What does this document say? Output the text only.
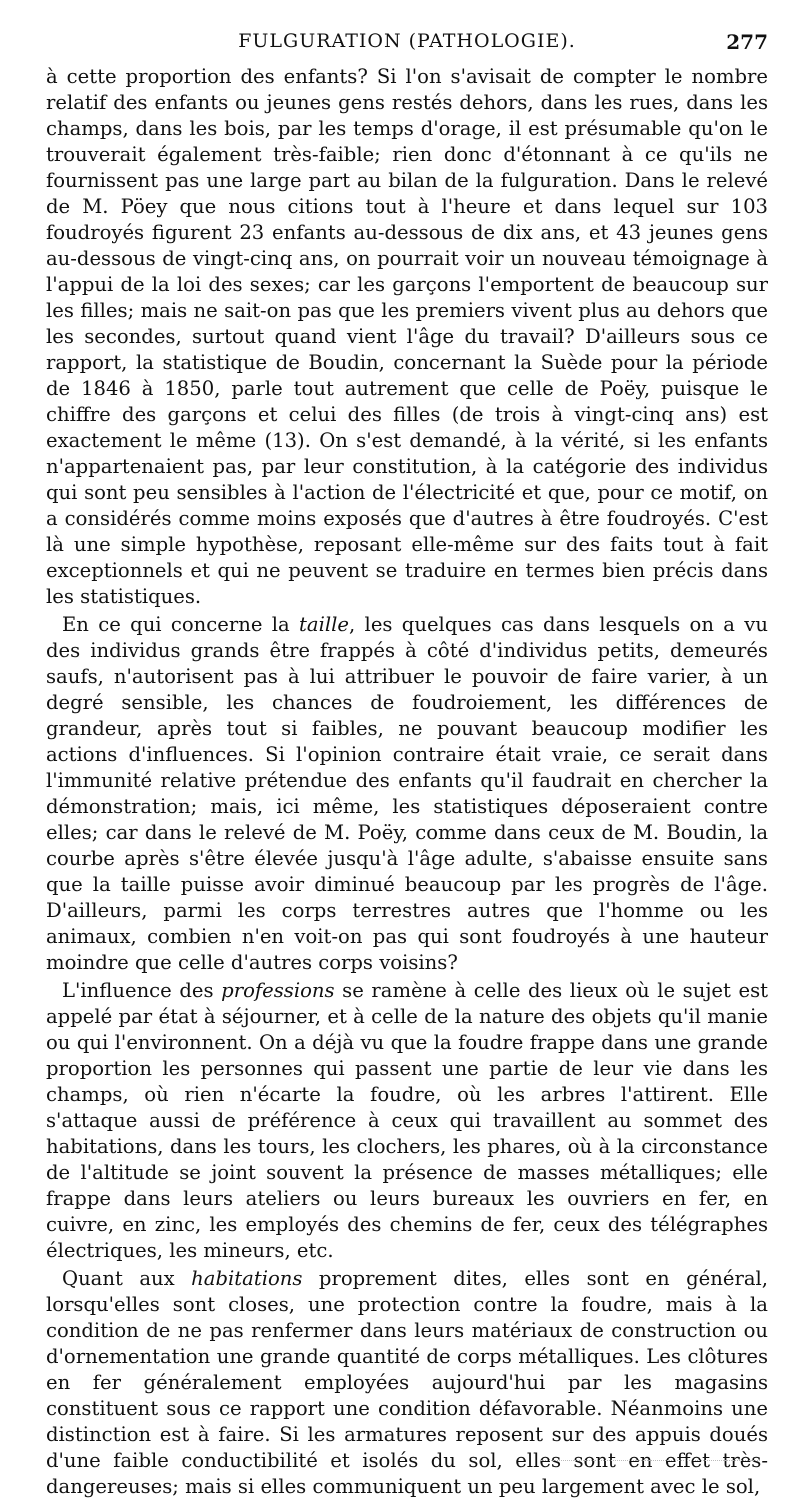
FULGURATION (PATHOLOGIE).	277

à cette proportion des enfants? Si l'on s'avisait de compter le nombre relatif des enfants ou jeunes gens restés dehors, dans les rues, dans les champs, dans les bois, par les temps d'orage, il est présumable qu'on le trouverait également très-faible; rien donc d'étonnant à ce qu'ils ne fournissent pas une large part au bilan de la fulguration. Dans le relevé de M. Pöey que nous citions tout à l'heure et dans lequel sur 103 foudroyés figurent 23 enfants au-dessous de dix ans, et 43 jeunes gens au-dessous de vingt-cinq ans, on pourrait voir un nouveau témoignage à l'appui de la loi des sexes; car les garçons l'emportent de beaucoup sur les filles; mais ne sait-on pas que les premiers vivent plus au dehors que les secondes, surtout quand vient l'âge du travail? D'ailleurs sous ce rapport, la statistique de Boudin, concernant la Suède pour la période de 1846 à 1850, parle tout autrement que celle de Poëy, puisque le chiffre des garçons et celui des filles (de trois à vingt-cinq ans) est exactement le même (13). On s'est demandé, à la vérité, si les enfants n'appartenaient pas, par leur constitution, à la catégorie des individus qui sont peu sensibles à l'action de l'électricité et que, pour ce motif, on a considérés comme moins exposés que d'autres à être foudroyés. C'est là une simple hypothèse, reposant elle-même sur des faits tout à fait exceptionnels et qui ne peuvent se traduire en termes bien précis dans les statistiques.

En ce qui concerne la taille, les quelques cas dans lesquels on a vu des individus grands être frappés à côté d'individus petits, demeurés saufs, n'autorisent pas à lui attribuer le pouvoir de faire varier, à un degré sensible, les chances de foudroiement, les différences de grandeur, après tout si faibles, ne pouvant beaucoup modifier les actions d'influences. Si l'opinion contraire était vraie, ce serait dans l'immunité relative prétendue des enfants qu'il faudrait en chercher la démonstration; mais, ici même, les statistiques déposeraient contre elles; car dans le relevé de M. Poëy, comme dans ceux de M. Boudin, la courbe après s'être élevée jusqu'à l'âge adulte, s'abaisse ensuite sans que la taille puisse avoir diminué beaucoup par les progrès de l'âge. D'ailleurs, parmi les corps terrestres autres que l'homme ou les animaux, combien n'en voit-on pas qui sont foudroyés à une hauteur moindre que celle d'autres corps voisins?

L'influence des professions se ramène à celle des lieux où le sujet est appelé par état à séjourner, et à celle de la nature des objets qu'il manie ou qui l'environnent. On a déjà vu que la foudre frappe dans une grande proportion les personnes qui passent une partie de leur vie dans les champs, où rien n'écarte la foudre, où les arbres l'attirent. Elle s'attaque aussi de préférence à ceux qui travaillent au sommet des habitations, dans les tours, les clochers, les phares, où à la circonstance de l'altitude se joint souvent la présence de masses métalliques; elle frappe dans leurs ateliers ou leurs bureaux les ouvriers en fer, en cuivre, en zinc, les employés des chemins de fer, ceux des télégraphes électriques, les mineurs, etc.

Quant aux habitations proprement dites, elles sont en général, lorsqu'elles sont closes, une protection contre la foudre, mais à la condition de ne pas renfermer dans leurs matériaux de construction ou d'ornementation une grande quantité de corps métalliques. Les clôtures en fer généralement employées aujourd'hui par les magasins constituent sous ce rapport une condition défavorable. Néanmoins une distinction est à faire. Si les armatures reposent sur des appuis doués d'une faible conductibilité et isolés du sol, elles sont en effet très-dangereuses; mais si elles communiquent un peu largement avec le sol,
